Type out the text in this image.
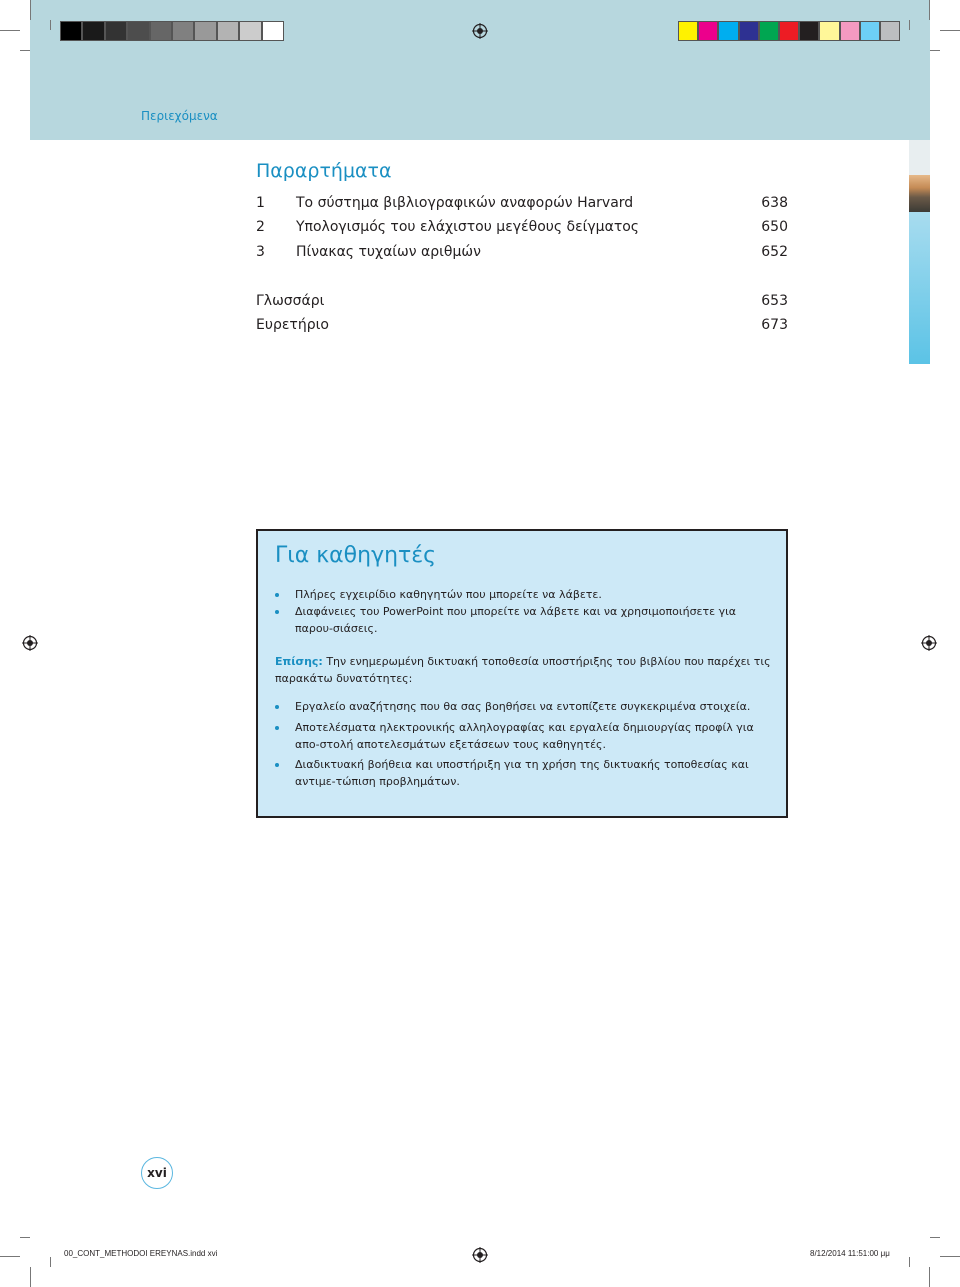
Περιεχόμενα
Παραρτήματα
1 Το σύστημα βιβλιογραφικών αναφορών Harvard	638
2 Υπολογισμός του ελάχιστου μεγέθους δείγματος	650
3 Πίνακας τυχαίων αριθμών	652
Γλωσσάρι	653
Ευρετήριο	673
Για καθηγητές
Πλήρες εγχειρίδιο καθηγητών που μπορείτε να λάβετε.
Διαφάνειες του PowerPoint που μπορείτε να λάβετε και να χρησιμοποιήσετε για παρου-σιάσεις.
Επίσης: Την ενημερωμένη δικτυακή τοποθεσία υποστήριξης του βιβλίου που παρέχει τις παρακάτω δυνατότητες:
Εργαλείο αναζήτησης που θα σας βοηθήσει να εντοπίζετε συγκεκριμένα στοιχεία.
Αποτελέσματα ηλεκτρονικής αλληλογραφίας και εργαλεία δημιουργίας προφίλ για απο-στολή αποτελεσμάτων εξετάσεων τους καθηγητές.
Διαδικτυακή βοήθεια και υποστήριξη για τη χρήση της δικτυακής τοποθεσίας και αντιμε-τώπιση προβλημάτων.
xvi
00_CONT_METHODOI EREYNAS.indd xvi	8/12/2014 11:51:00 μμ
